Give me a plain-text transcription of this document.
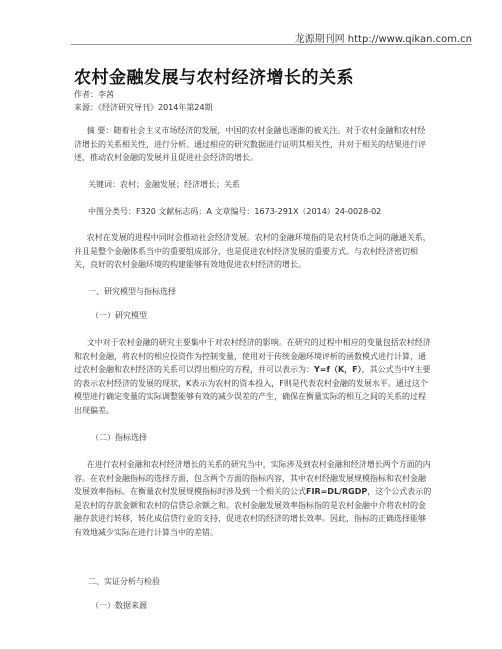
龙源期刊网 http://www.qikan.com.cn
农村金融发展与农村经济增长的关系
作者：李茜
来源：《经济研究导刊》2014年第24期
摘 要：随着社会主义市场经济的发展，中国的农村金融也逐渐的被关注。对于农村金融和农村经济增长的关系相关性，进行分析。通过相应的研究数据进行证明其相关性，并对于相关的结果进行评述，推动农村金融的发展并且促进社会经济的增长。
关键词：农村；金融发展；经济增长；关系
中图分类号：F320 文献标志码：A 文章编号：1673-291X（2014）24-0028-02
农村在发展的进程中同时会推动社会经济发展。农村的金融环境指的是农村货币之间的融通关系，并且是整个金融体系当中的重要组成部分，也是促进农村经济发展的重要方式。与农村经济密切相关，良好的农村金融环境的构建能够有效地促进农村经济的增长。
一、研究模型与指标选择
（一）研究模型
文中对于农村金融的研究主要集中于对农村经济的影响。在研究的过程中相应的变量包括农村经济和农村金融，将农村的相应投资作为控制变量，使用对于传统金融环境评析的函数模式进行计算，通过农村金融和农村经济的关系可以得出相应的方程，并可以表示为：Y=f（K，F），其公式当中Y主要的表示农村经济的发展的现状，K表示为农村的资本投入，F则是代表农村金融的发展水平。通过这个模型进行确定变量的实际调整能够有效的减少误差的产生，确保在衡量实际的相互之间的关系的过程出现偏差。
（二）指标选择
在进行农村金融和农村经济增长的关系的研究当中，实际涉及到农村金融和经济增长两个方面的内容。在农村金融指标的选择方面，包含两个方面的指标内容，其中农村经融发展规模指标和农村金融发展效率指标。在衡量农村发展规模指标时涉及到一个相关的公式FIR=DL/RGDP，这个公式表示的是农村的存款金额和农村的信贷总余额之和。农村金融发展效率指标指的是农村金融中介将农村的金融存款进行转移，转化成信贷行业的支持，促进农村的经济的增长效率。因此，指标的正确选择能够有效地减少实际在进行计算当中的差错。
二、实证分析与检验
（一）数据来源
